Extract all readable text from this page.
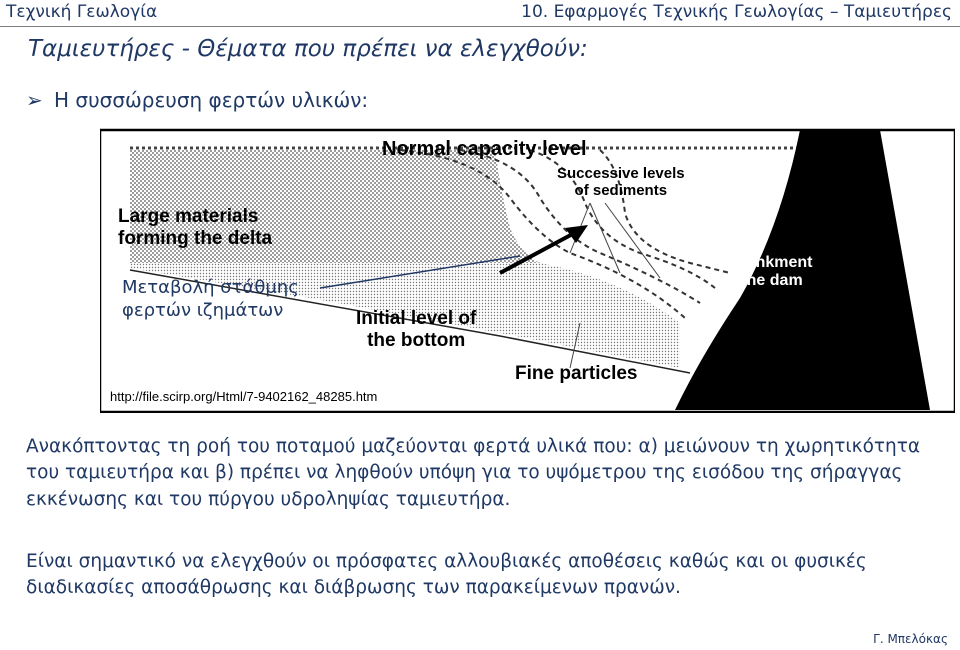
Τεχνική Γεωλογία	10. Εφαρμογές Τεχνικής Γεωλογίας – Ταμιευτήρες
Ταμιευτήρες - Θέματα που πρέπει να ελεγχθούν:
➢ Η συσσώρευση φερτών υλικών:
Normal capacity level
Successive levels
of sediments
Large materials
forming the delta
Embankment
of the dam
Initial level of
the bottom
Fine particles
Μεταβολή στάθμης
φερτών ιζημάτων
http://file.scirp.org/Html/7-9402162_48285.htm
Ανακόπτοντας τη ροή του ποταμού μαζεύονται φερτά υλικά που: α) μειώνουν τη χωρητικότητα του ταμιευτήρα και β) πρέπει να ληφθούν υπόψη για το υψόμετρου της εισόδου της σήραγγας εκκένωσης και του πύργου υδροληψίας ταμιευτήρα.
Είναι σημαντικό να ελεγχθούν οι πρόσφατες αλλουβιακές αποθέσεις καθώς και οι φυσικές διαδικασίες αποσάθρωσης και διάβρωσης των παρακείμενων πρανών.
Γ. Μπελόκας
